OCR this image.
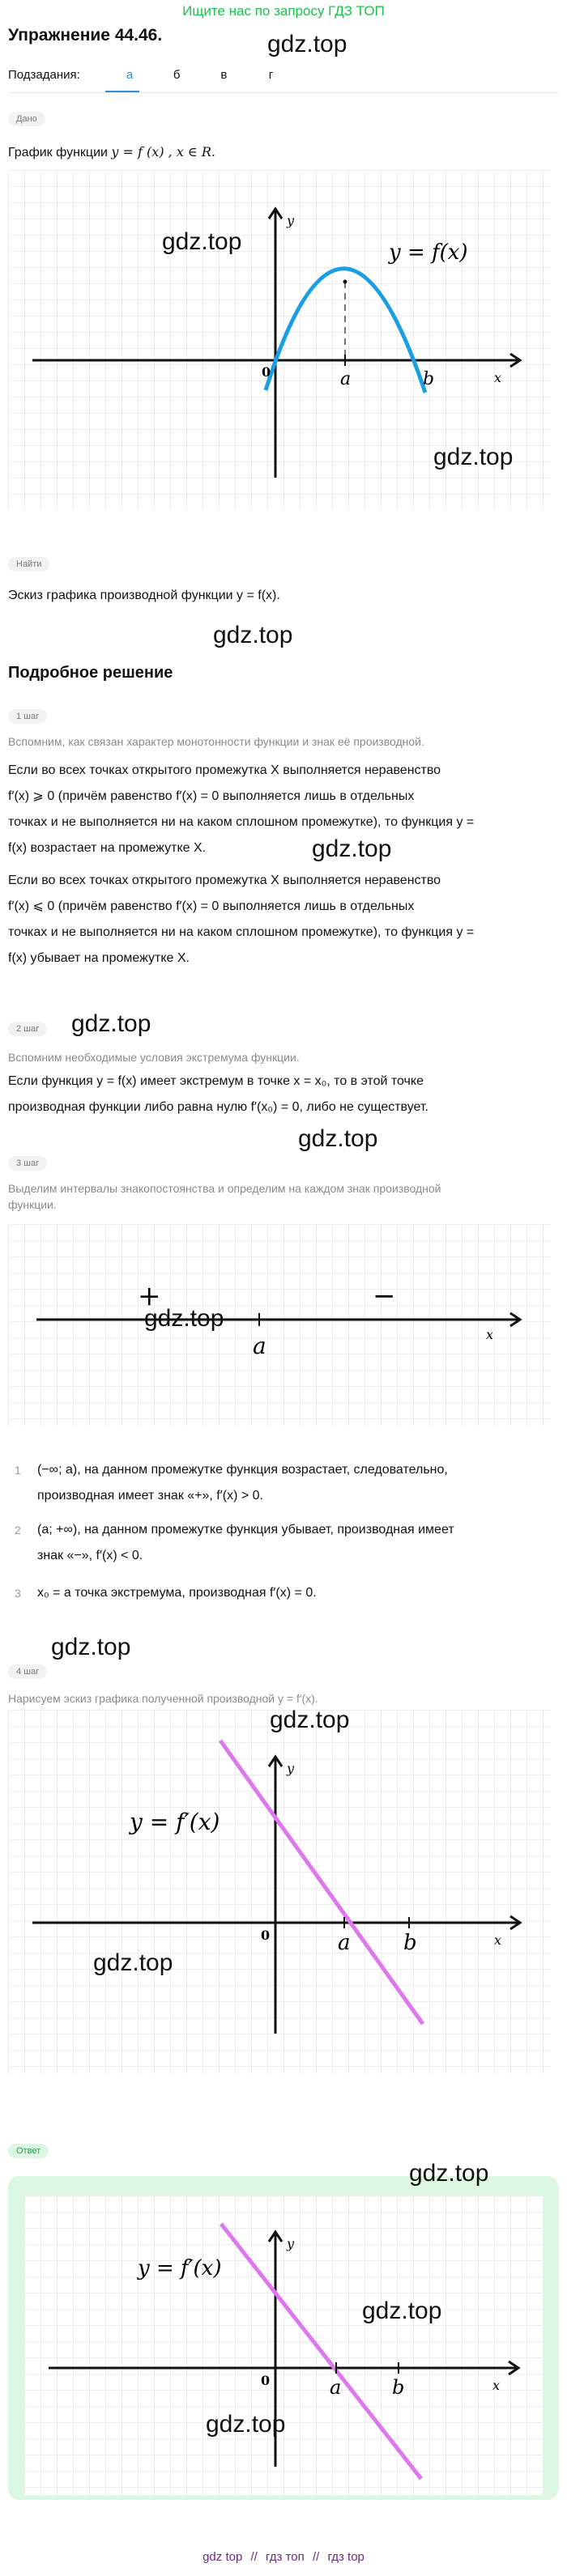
Ищите нас по запросу ГДЗ ТОП
Упражнение 44.46.	gdz.top
Подзадания:	а	б	в	г
Дано
График функции y = f (x) , x ∈ R.
a	b
0	x
y
y = f(x)
gdz.top
gdz.top
Найти
Эскиз графика производной функции y = f(x).
gdz.top
Подробное решение
1 шаг
Вспомним, как связан характер монотонности функции и знак её производной.
Если во всех точках открытого промежутка X выполняется неравенство
f′(x) ⩾ 0 (причём равенство f′(x) = 0 выполняется лишь в отдельных
точках и не выполняется ни на каком сплошном промежутке), то функция y =
f(x) возрастает на промежутке X.
Если во всех точках открытого промежутка X выполняется неравенство
f′(x) ⩽ 0 (причём равенство f′(x) = 0 выполняется лишь в отдельных
точках и не выполняется ни на каком сплошном промежутке), то функция y =
f(x) убывает на промежутке X.
gdz.top
2 шаг	gdz.top
Вспомним необходимые условия экстремума функции.
Если функция y = f(x) имеет экстремум в точке x = x₀, то в этой точке
производная функции либо равна нулю f′(x₀) = 0, либо не существует.
gdz.top
3 шаг
Выделим интервалы знакопостоянства и определим на каждом знак производной
функции.
+	−
a	x
gdz.top
1 (−∞; a), на данном промежутке функция возрастает, следовательно,
производная имеет знак «+», f′(x) > 0.
2 (a; +∞), на данном промежутке функция убывает, производная имеет
знак «−», f′(x) < 0.
3 x₀ = a точка экстремума, производная f′(x) = 0.
4 шаг
gdz.top
Нарисуем эскиз графика полученной производной y = f′(x).
a	b
0	x
y
y = f′(x)
gdz.top
gdz.top
Ответ
a	b
0	x
y
y = f′(x)
gdz.top
gdz.top
gdz.top
gdz top // гдз топ // гдз top
